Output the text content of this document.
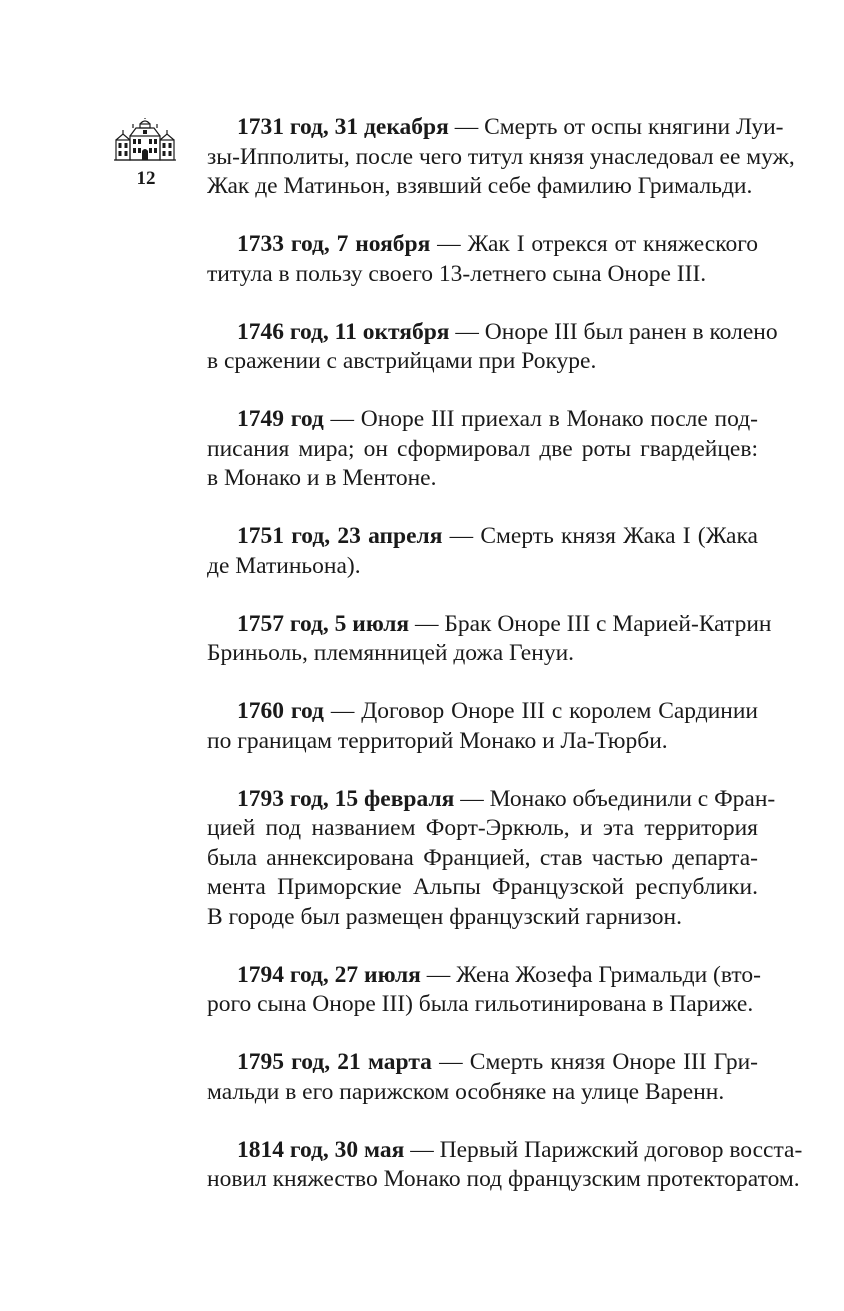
12
1731 год, 31 декабря — Смерть от оспы княгини Луи-
зы-Ипполиты, после чего титул князя унаследовал ее муж,
Жак де Матиньон, взявший себе фамилию Гримальди.
1733 год, 7 ноября — Жак I отрекся от княжеского
титула в пользу своего 13-летнего сына Оноре III.
1746 год, 11 октября — Оноре III был ранен в колено
в сражении с австрийцами при Рокуре.
1749 год — Оноре III приехал в Монако после под-
писания мира; он сформировал две роты гвардейцев:
в Монако и в Ментоне.
1751 год, 23 апреля — Смерть князя Жака I (Жака
де Матиньона).
1757 год, 5 июля — Брак Оноре III с Марией-Катрин
Бриньоль, племянницей дожа Генуи.
1760 год — Договор Оноре III с королем Сардинии
по границам территорий Монако и Ла-Тюрби.
1793 год, 15 февраля — Монако объединили с Фран-
цией под названием Форт-Эркюль, и эта территория
была аннексирована Францией, став частью департа-
мента Приморские Альпы Французской республики.
В городе был размещен французский гарнизон.
1794 год, 27 июля — Жена Жозефа Гримальди (вто-
рого сына Оноре III) была гильотинирована в Париже.
1795 год, 21 марта — Смерть князя Оноре III Гри-
мальди в его парижском особняке на улице Варенн.
1814 год, 30 мая — Первый Парижский договор восста-
новил княжество Монако под французским протекторатом.
